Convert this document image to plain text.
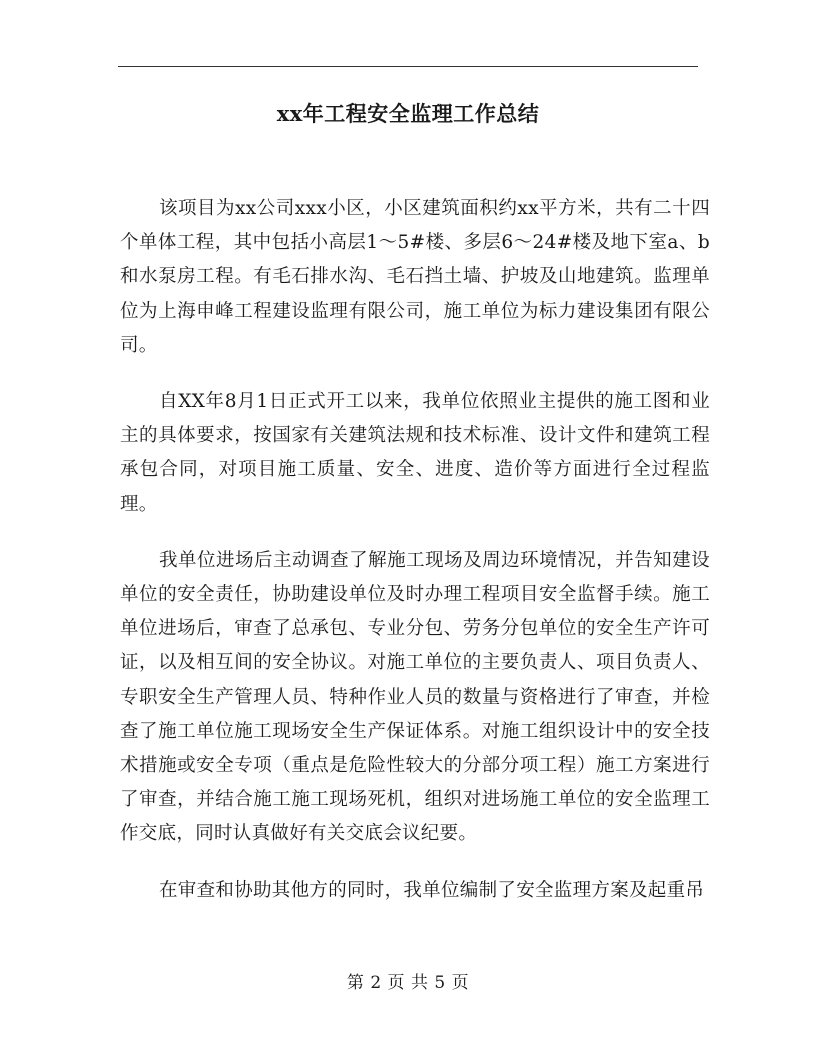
xx年工程安全监理工作总结

该项目为xx公司xxx小区，小区建筑面积约xx平方米，共有二十四个单体工程，其中包括小高层1～5#楼、多层6～24#楼及地下室a、b和水泵房工程。有毛石排水沟、毛石挡土墙、护坡及山地建筑。监理单位为上海申峰工程建设监理有限公司，施工单位为标力建设集团有限公司。

自XX年8月1日正式开工以来，我单位依照业主提供的施工图和业主的具体要求，按国家有关建筑法规和技术标准、设计文件和建筑工程承包合同，对项目施工质量、安全、进度、造价等方面进行全过程监理。

我单位进场后主动调查了解施工现场及周边环境情况，并告知建设单位的安全责任，协助建设单位及时办理工程项目安全监督手续。施工单位进场后，审查了总承包、专业分包、劳务分包单位的安全生产许可证，以及相互间的安全协议。对施工单位的主要负责人、项目负责人、专职安全生产管理人员、特种作业人员的数量与资格进行了审查，并检查了施工单位施工现场安全生产保证体系。对施工组织设计中的安全技术措施或安全专项（重点是危险性较大的分部分项工程）施工方案进行了审查，并结合施工施工现场死机，组织对进场施工单位的安全监理工作交底，同时认真做好有关交底会议纪要。

在审查和协助其他方的同时，我单位编制了安全监理方案及起重吊

第 2 页 共 5 页
